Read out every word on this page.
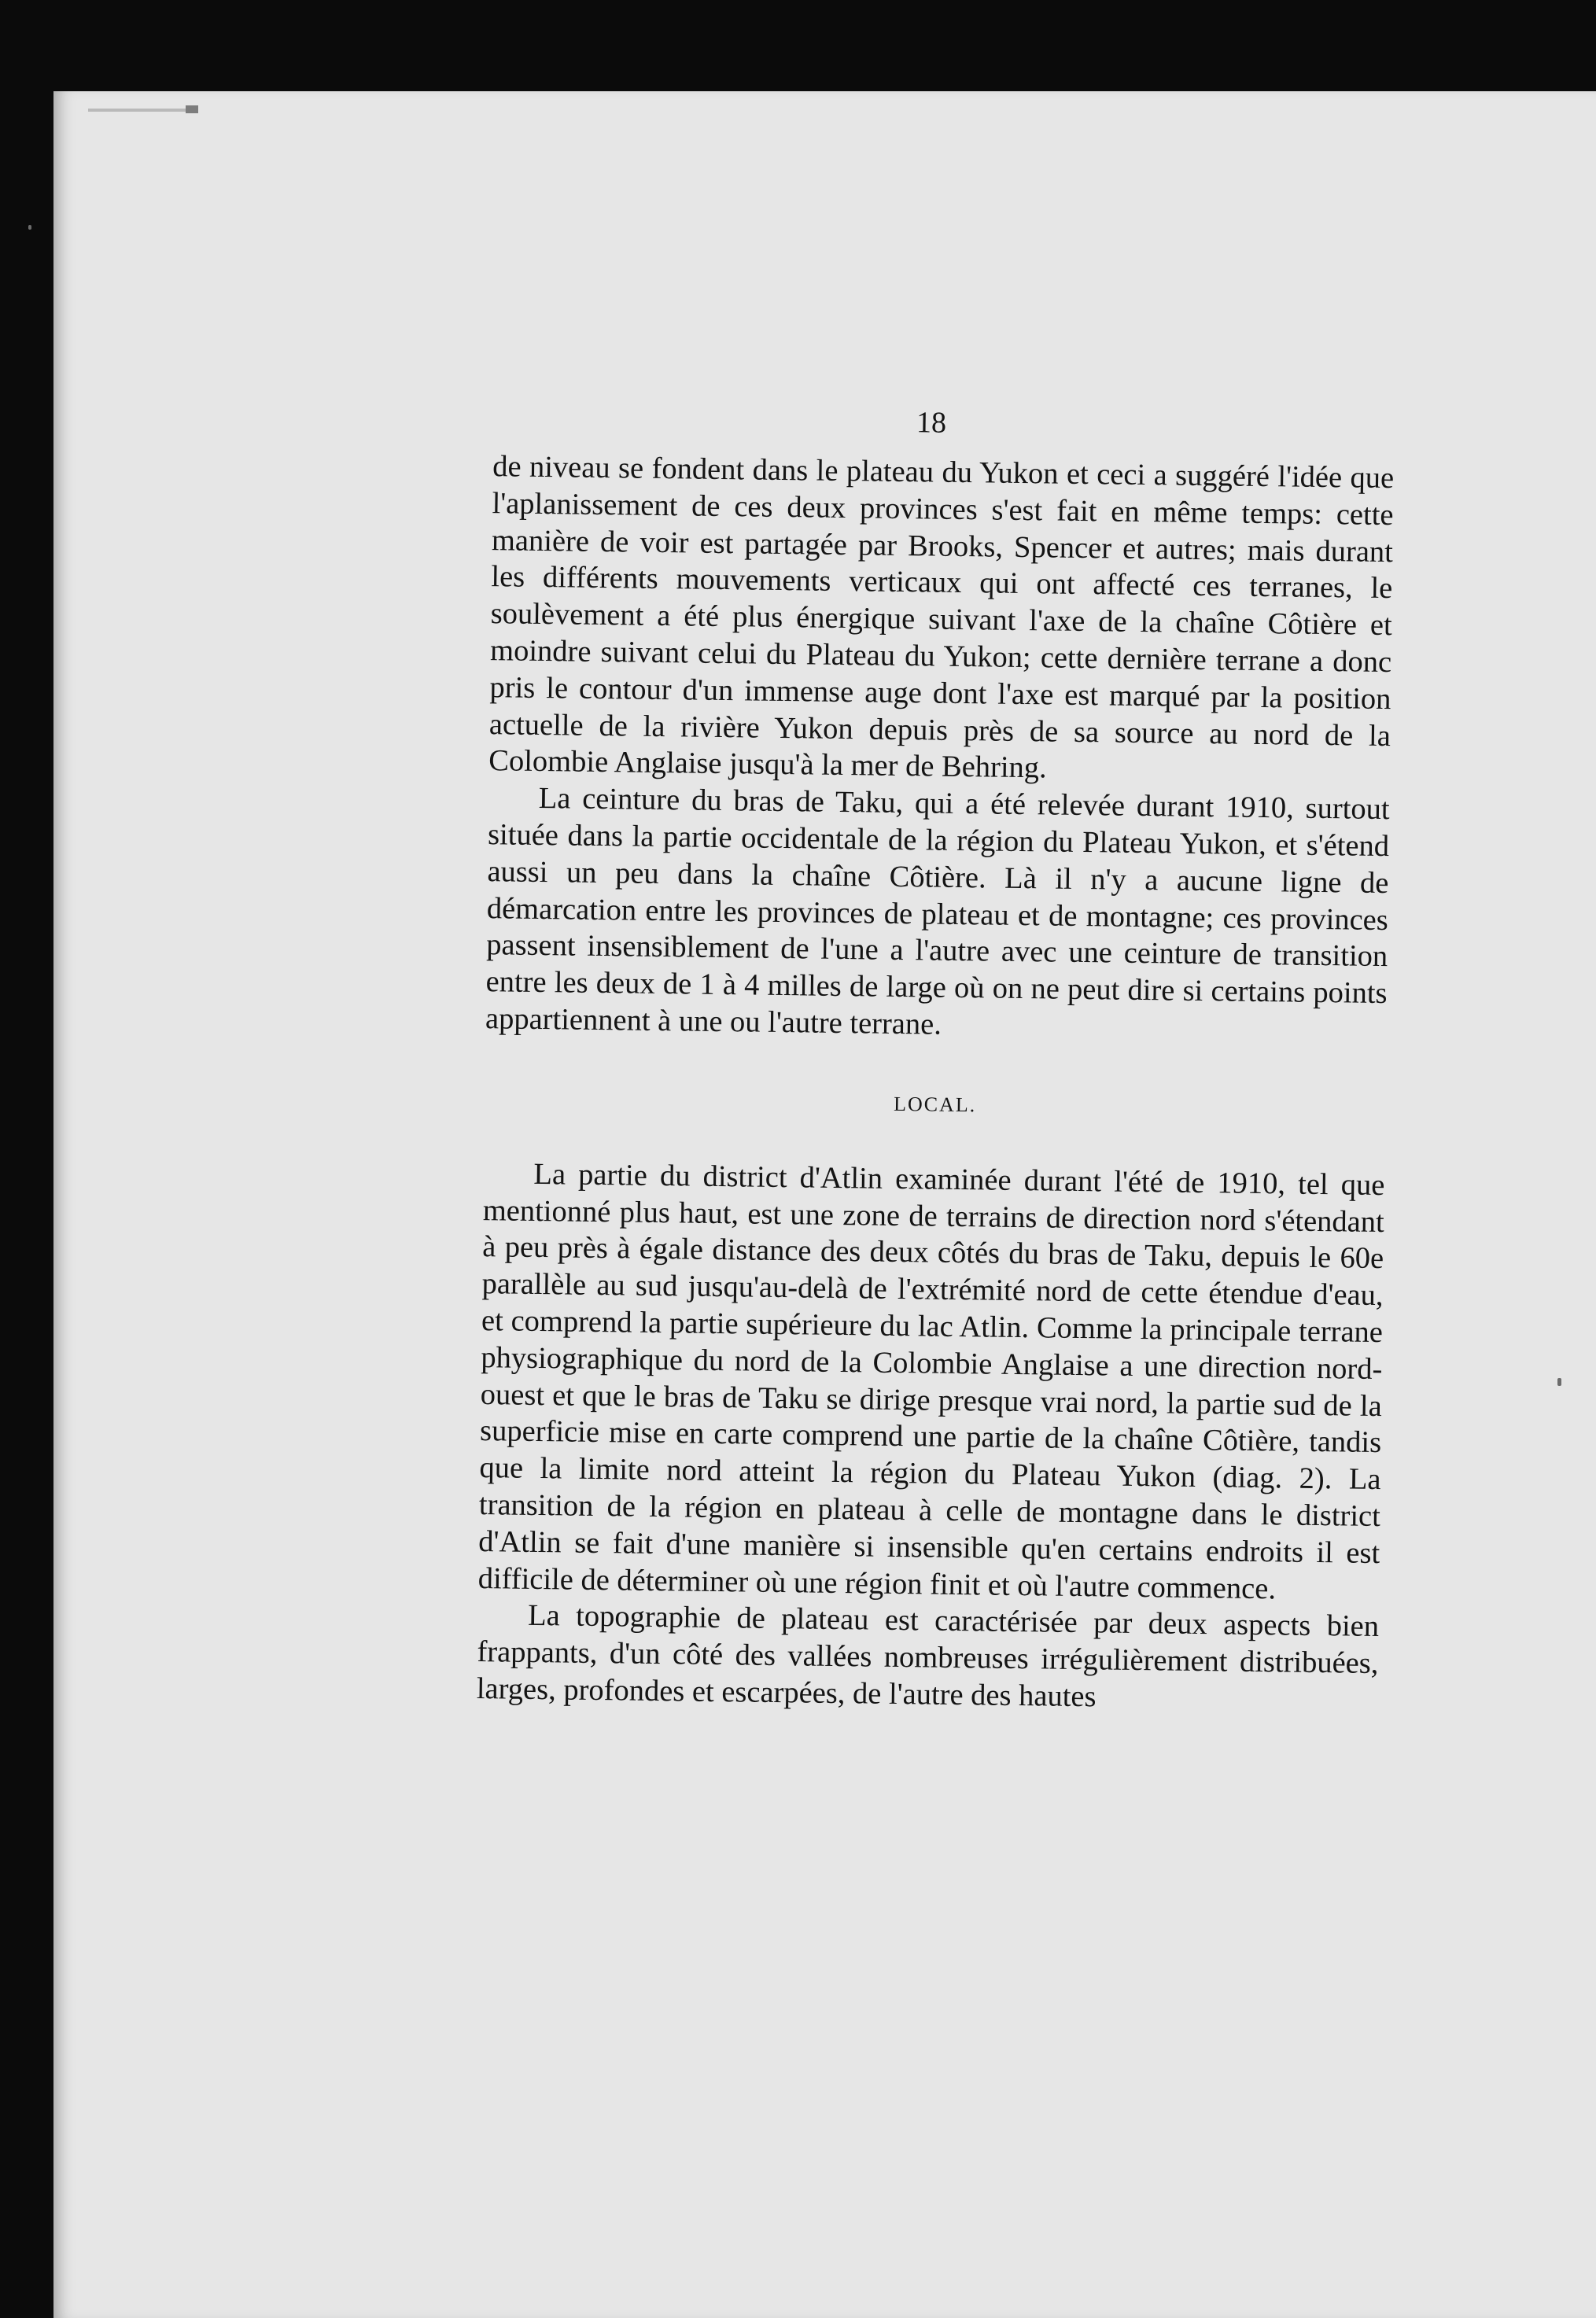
18

de niveau se fondent dans le plateau du Yukon et ceci a suggéré l'idée que l'aplanissement de ces deux provinces s'est fait en même temps: cette manière de voir est partagée par Brooks, Spencer et autres; mais durant les différents mouvements verticaux qui ont affecté ces terranes, le soulèvement a été plus énergique suivant l'axe de la chaîne Côtière et moindre suivant celui du Plateau du Yukon; cette dernière terrane a donc pris le contour d'un immense auge dont l'axe est marqué par la position actuelle de la rivière Yukon depuis près de sa source au nord de la Colombie Anglaise jusqu'à la mer de Behring.

La ceinture du bras de Taku, qui a été relevée durant 1910, surtout située dans la partie occidentale de la région du Plateau Yukon, et s'étend aussi un peu dans la chaîne Côtière. Là il n'y a aucune ligne de démarcation entre les provinces de plateau et de montagne; ces provinces passent insensiblement de l'une a l'autre avec une ceinture de transition entre les deux de 1 à 4 milles de large où on ne peut dire si certains points appartiennent à une ou l'autre terrane.

LOCAL.

La partie du district d'Atlin examinée durant l'été de 1910, tel que mentionné plus haut, est une zone de terrains de direction nord s'étendant à peu près à égale distance des deux côtés du bras de Taku, depuis le 60e parallèle au sud jusqu'au-delà de l'extrémité nord de cette étendue d'eau, et comprend la partie supérieure du lac Atlin. Comme la principale terrane physiographique du nord de la Colombie Anglaise a une direction nord-ouest et que le bras de Taku se dirige presque vrai nord, la partie sud de la superficie mise en carte comprend une partie de la chaîne Côtière, tandis que la limite nord atteint la région du Plateau Yukon (diag. 2). La transition de la région en plateau à celle de montagne dans le district d'Atlin se fait d'une manière si insensible qu'en certains endroits il est difficile de déterminer où une région finit et où l'autre commence.

La topographie de plateau est caractérisée par deux aspects bien frappants, d'un côté des vallées nombreuses irrégulièrement distribuées, larges, profondes et escarpées, de l'autre des hautes
